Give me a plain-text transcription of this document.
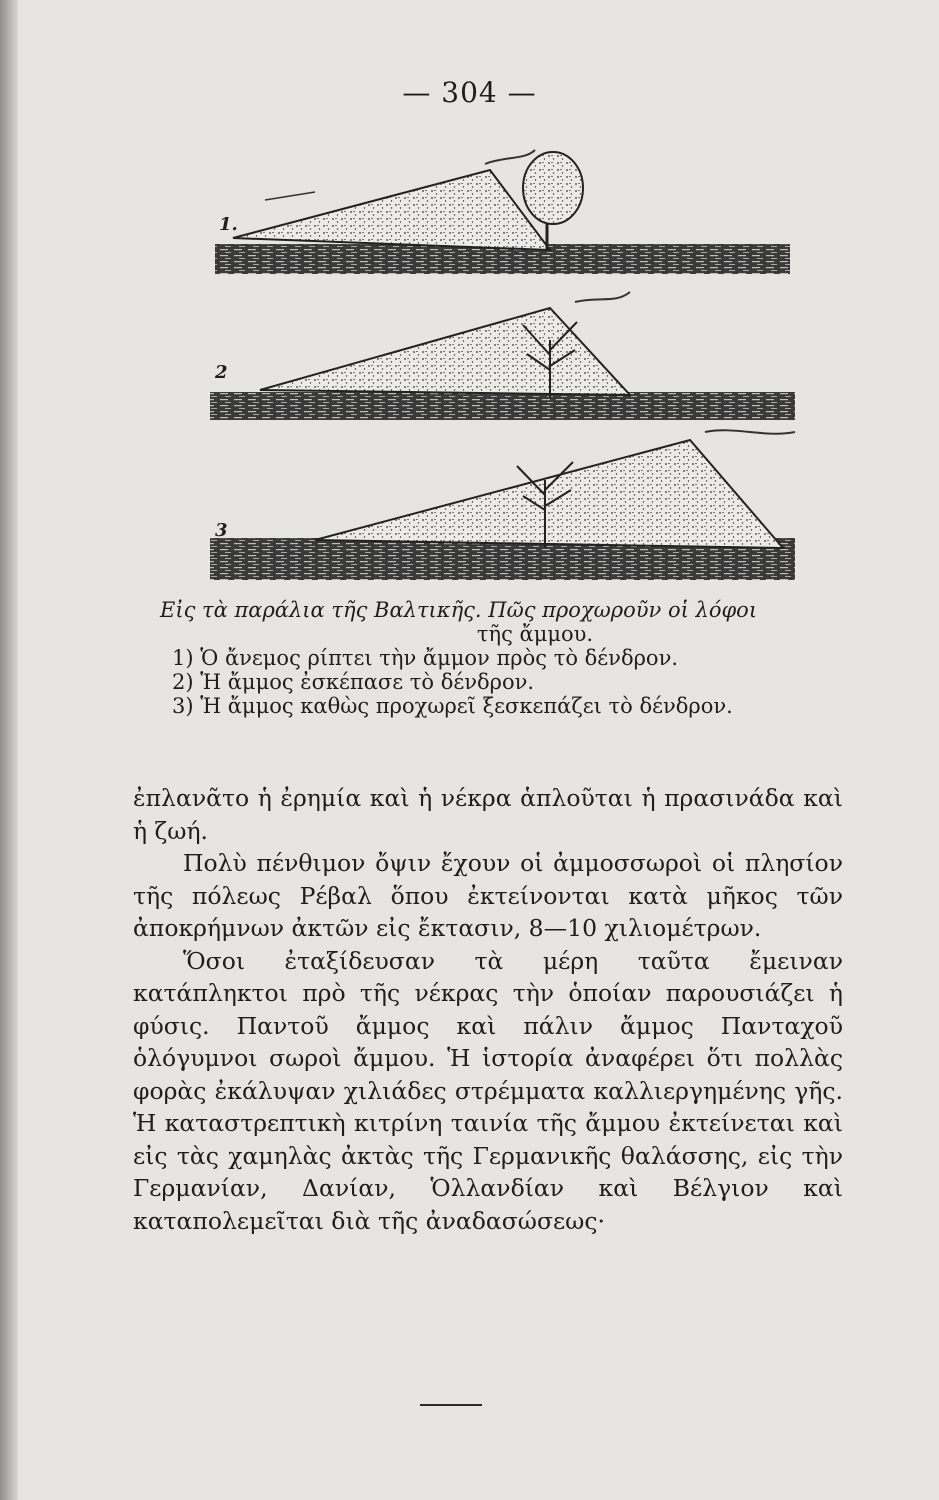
— 304 —
1.
2
3
Εἰς τὰ παράλια τῆς Βαλτικῆς. Πῶς προχωροῦν οἱ λόφοι
τῆς ἄμμου.
1) Ὁ ἄνεμος ρίπτει τὴν ἄμμον πρὸς τὸ δένδρον.
2) Ἡ ἄμμος ἐσκέπασε τὸ δένδρον.
3) Ἡ ἄμμος καθὼς προχωρεῖ ξεσκεπάζει τὸ δένδρον.

ἐπλανᾶτο ἡ ἐρημία καὶ ἡ νέκρα ἁπλοῦται ἡ πρασινάδα καὶ ἡ ζωή.

Πολὺ πένθιμον ὄψιν ἔχουν οἱ ἀμμοσσωροὶ οἱ πλησίον τῆς πόλεως Ρέβαλ ὅπου ἐκτείνονται κατὰ μῆκος τῶν ἀποκρήμνων ἀκτῶν εἰς ἔκτασιν, 8—10 χιλιομέτρων.

Ὅσοι ἐταξίδευσαν τὰ μέρη ταῦτα ἔμειναν κατάπληκτοι πρὸ τῆς νέκρας τὴν ὁποίαν παρουσιάζει ἡ φύσις. Παντοῦ ἄμμος καὶ πάλιν ἄμμος Πανταχοῦ ὁλόγυμνοι σωροὶ ἄμμου. Ἡ ἱστορία ἀναφέρει ὅτι πολλὰς φορὰς ἐκάλυψαν χιλιάδες στρέμματα καλλιεργημένης γῆς. Ἡ καταστρεπτικὴ κιτρίνη ταινία τῆς ἄμμου ἐκτείνεται καὶ εἰς τὰς χαμηλὰς ἀκτὰς τῆς Γερμανικῆς θαλάσσης, εἰς τὴν Γερμανίαν, Δανίαν, Ὁλλανδίαν καὶ Βέλγιον καὶ καταπολεμεῖται διὰ τῆς ἀναδασώσεως·
